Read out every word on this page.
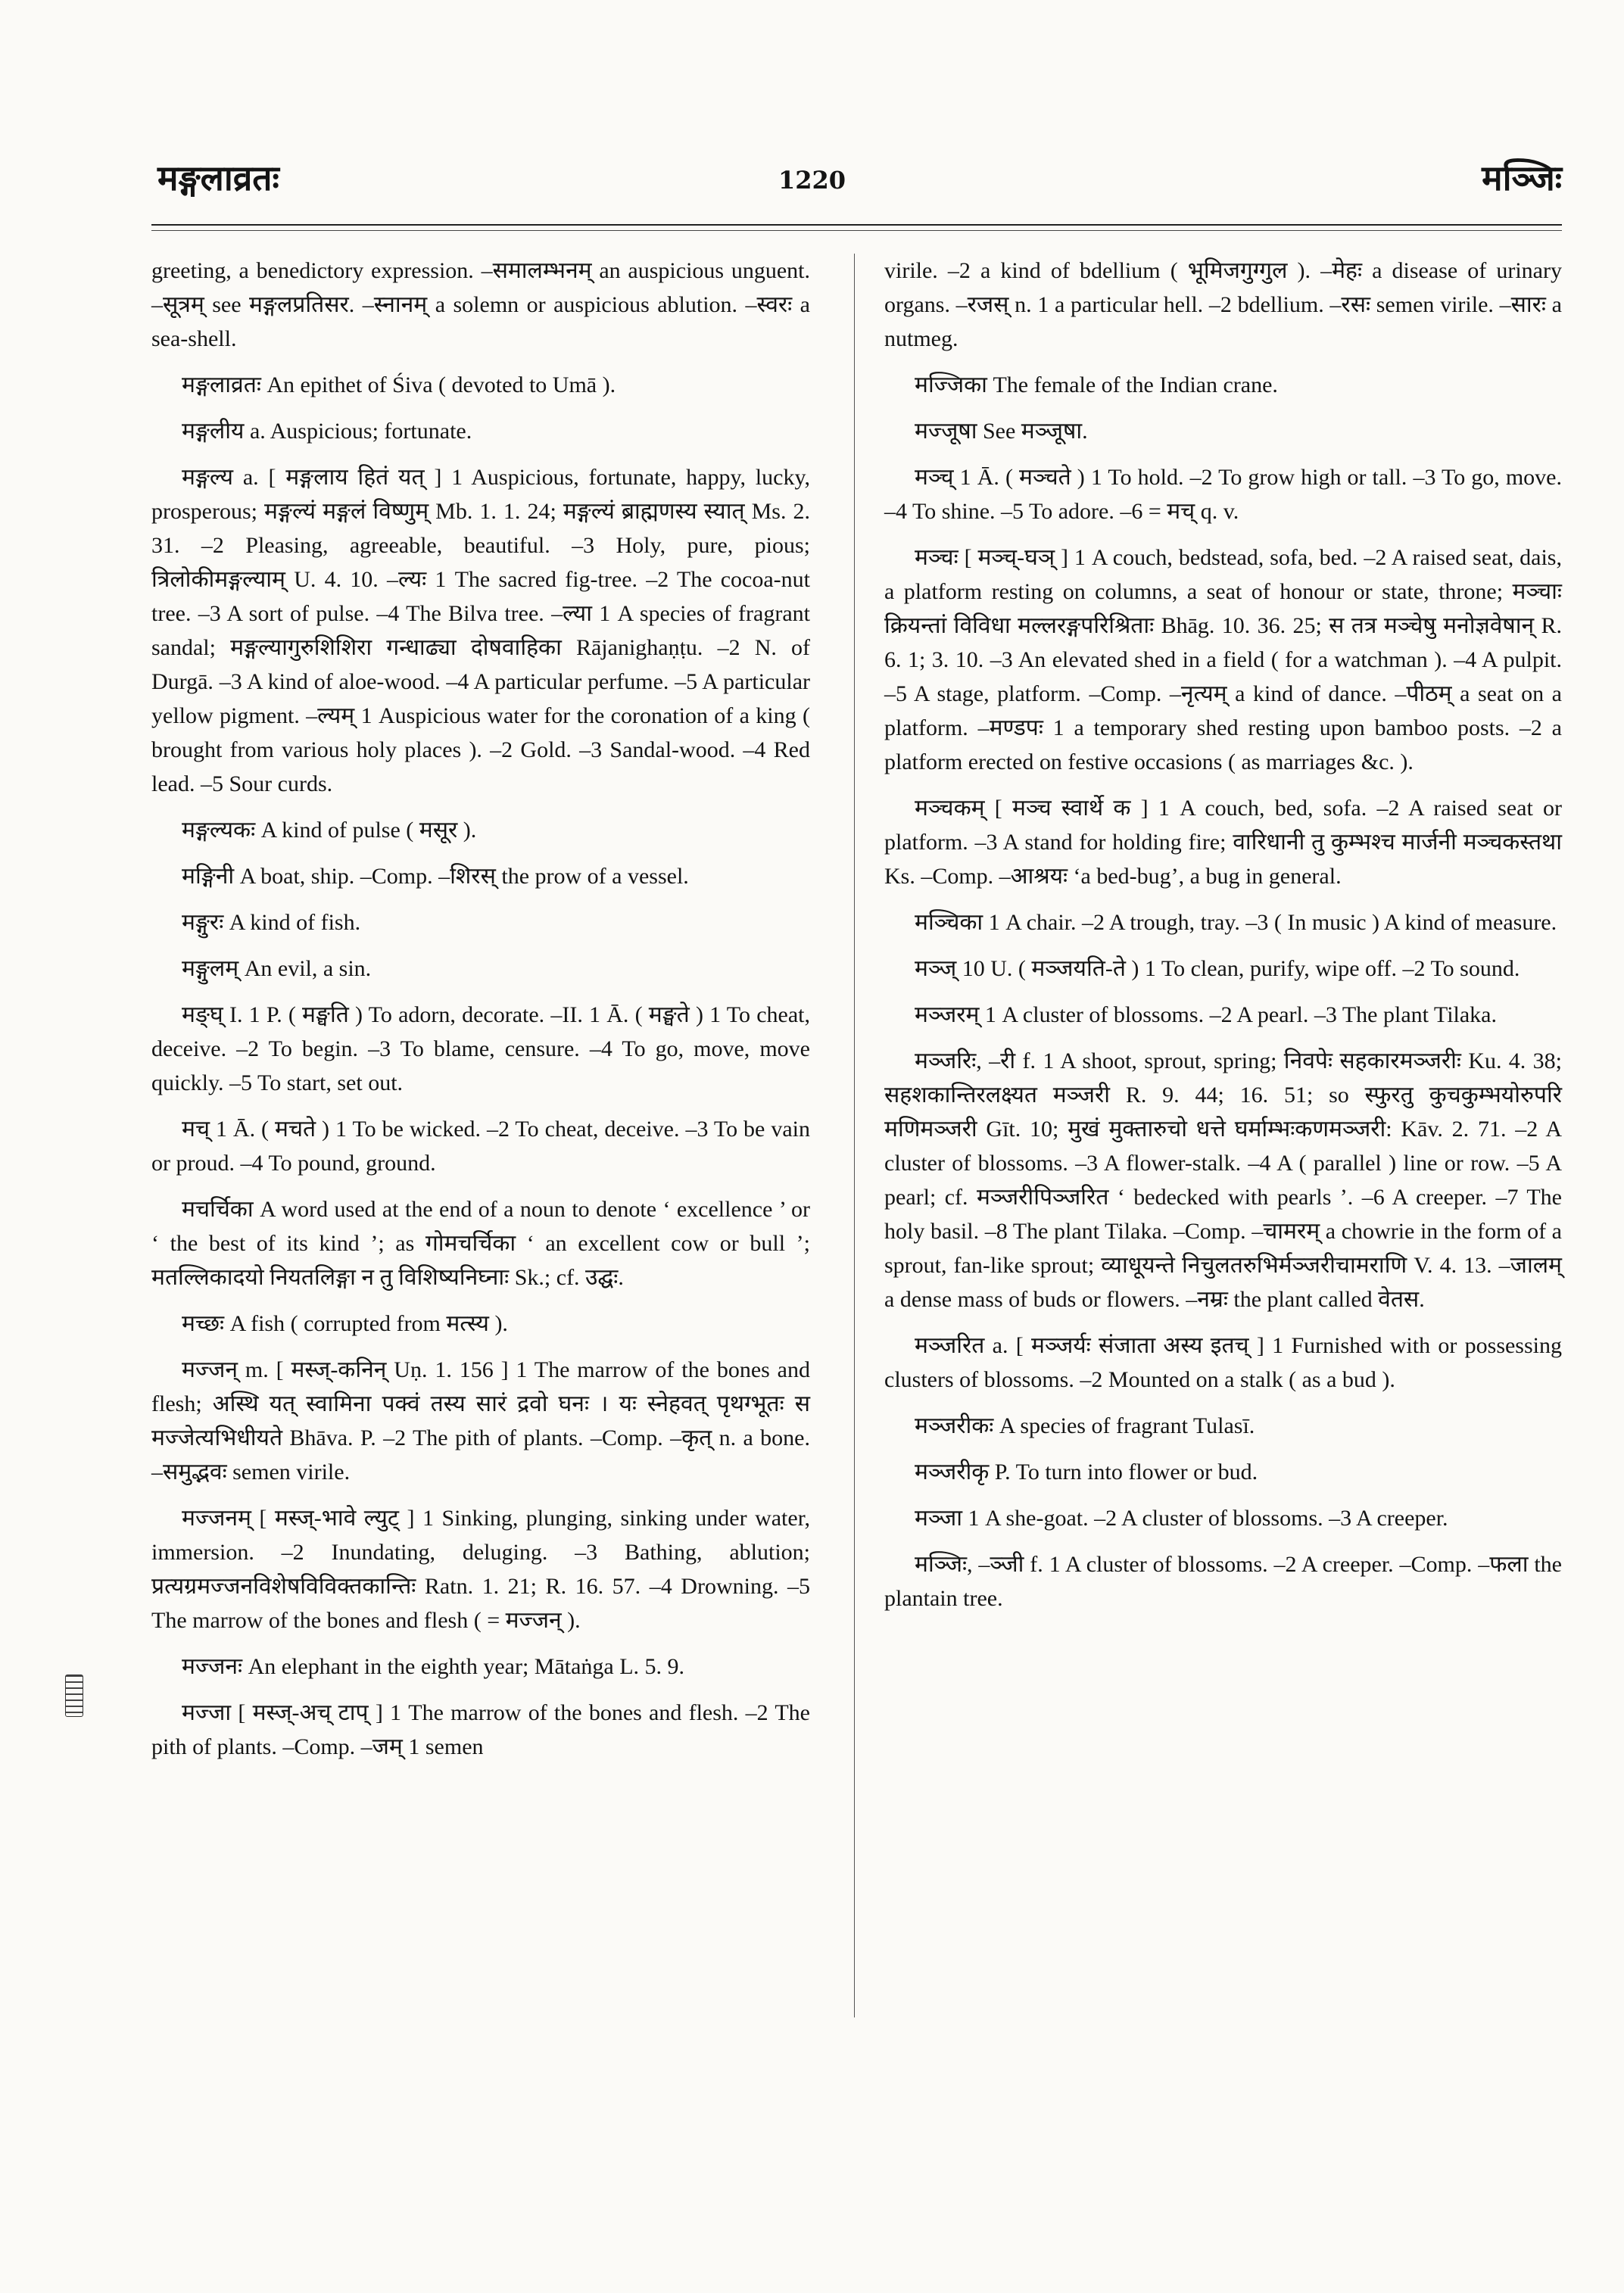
मङ्गलाव्रतः	1220	मञ्जिः

greeting, a benedictory expression. –समालम्भनम् an auspicious unguent. –सूत्रम् see मङ्गलप्रतिसर. –स्नानम् a solemn or auspicious ablution. –स्वरः a sea-shell.

मङ्गलाव्रतः An epithet of Śiva ( devoted to Umā ).

मङ्गलीय a. Auspicious; fortunate.

मङ्गल्य a. [ मङ्गलाय हितं यत् ] 1 Auspicious, fortunate, happy, lucky, prosperous; मङ्गल्यं मङ्गलं विष्णुम् Mb. 1. 1. 24; मङ्गल्यं ब्राह्मणस्य स्यात् Ms. 2. 31. –2 Pleasing, agreeable, beautiful. –3 Holy, pure, pious; त्रिलोकीमङ्गल्याम् U. 4. 10. –ल्यः 1 The sacred fig-tree. –2 The cocoa-nut tree. –3 A sort of pulse. –4 The Bilva tree. –ल्या 1 A species of fragrant sandal; मङ्गल्यागुरुशिशिरा गन्धाढ्या दोषवाहिका Rājanighaṇṭu. –2 N. of Durgā. –3 A kind of aloe-wood. –4 A particular perfume. –5 A particular yellow pigment. –ल्यम् 1 Auspicious water for the coronation of a king ( brought from various holy places ). –2 Gold. –3 Sandal-wood. –4 Red lead. –5 Sour curds.

मङ्गल्यकः A kind of pulse ( मसूर ).

मङ्गिनी A boat, ship. –Comp. –शिरस् the prow of a vessel.

मङ्गुरः A kind of fish.

मङ्गुलम् An evil, a sin.

मङ्घ् I. 1 P. ( मङ्घति ) To adorn, decorate. –II. 1 Ā. ( मङ्घते ) 1 To cheat, deceive. –2 To begin. –3 To blame, censure. –4 To go, move, move quickly. –5 To start, set out.

मच् 1 Ā. ( मचते ) 1 To be wicked. –2 To cheat, deceive. –3 To be vain or proud. –4 To pound, ground.

मचर्चिका A word used at the end of a noun to denote ‘ excellence ’ or ‘ the best of its kind ’; as गोमचर्चिका ‘ an excellent cow or bull ’; मतल्लिकादयो नियतलिङ्गा न तु विशिष्यनिघ्नाः Sk.; cf. उद्घः.

मच्छः A fish ( corrupted from मत्स्य ).

मज्जन् m. [ मस्ज्-कनिन् Uṇ. 1. 156 ] 1 The marrow of the bones and flesh; अस्थि यत् स्वामिना पक्वं तस्य सारं द्रवो घनः । यः स्नेहवत् पृथग्भूतः स मज्जेत्यभिधीयते Bhāva. P. –2 The pith of plants. –Comp. –कृत् n. a bone. –समुद्भवः semen virile.

मज्जनम् [ मस्ज्-भावे ल्युट् ] 1 Sinking, plunging, sinking under water, immersion. –2 Inundating, deluging. –3 Bathing, ablution; प्रत्यग्रमज्जनविशेषविविक्तकान्तिः Ratn. 1. 21; R. 16. 57. –4 Drowning. –5 The marrow of the bones and flesh ( = मज्जन् ).

मज्जनः An elephant in the eighth year; Mātaṅga L. 5. 9.

मज्जा [ मस्ज्-अच् टाप् ] 1 The marrow of the bones and flesh. –2 The pith of plants. –Comp. –जम् 1 semen

virile. –2 a kind of bdellium ( भूमिजगुग्गुल ). –मेहः a disease of urinary organs. –रजस् n. 1 a particular hell. –2 bdellium. –रसः semen virile. –सारः a nutmeg.

मज्जिका The female of the Indian crane.

मज्जूषा See मञ्जूषा.

मञ्च् 1 Ā. ( मञ्चते ) 1 To hold. –2 To grow high or tall. –3 To go, move. –4 To shine. –5 To adore. –6 = मच् q. v.

मञ्चः [ मञ्च्-घञ् ] 1 A couch, bedstead, sofa, bed. –2 A raised seat, dais, a platform resting on columns, a seat of honour or state, throne; मञ्चाः क्रियन्तां विविधा मल्लरङ्गपरिश्रिताः Bhāg. 10. 36. 25; स तत्र मञ्चेषु मनोज्ञवेषान् R. 6. 1; 3. 10. –3 An elevated shed in a field ( for a watchman ). –4 A pulpit. –5 A stage, platform. –Comp. –नृत्यम् a kind of dance. –पीठम् a seat on a platform. –मण्डपः 1 a temporary shed resting upon bamboo posts. –2 a platform erected on festive occasions ( as marriages &c. ).

मञ्चकम् [ मञ्च स्वार्थे क ] 1 A couch, bed, sofa. –2 A raised seat or platform. –3 A stand for holding fire; वारिधानी तु कुम्भश्च मार्जनी मञ्चकस्तथा Ks. –Comp. –आश्रयः ‘a bed-bug’, a bug in general.

मञ्चिका 1 A chair. –2 A trough, tray. –3 ( In music ) A kind of measure.

मञ्ज् 10 U. ( मञ्जयति-ते ) 1 To clean, purify, wipe off. –2 To sound.

मञ्जरम् 1 A cluster of blossoms. –2 A pearl. –3 The plant Tilaka.

मञ्जरिः, –री f. 1 A shoot, sprout, spring; निवपेः सहकारमञ्जरीः Ku. 4. 38; सहशकान्तिरलक्ष्यत मञ्जरी R. 9. 44; 16. 51; so स्फुरतु कुचकुम्भयोरुपरि मणिमञ्जरी Gīt. 10; मुखं मुक्तारुचो धत्ते घर्माम्भःकणमञ्जरी: Kāv. 2. 71. –2 A cluster of blossoms. –3 A flower-stalk. –4 A ( parallel ) line or row. –5 A pearl; cf. मञ्जरीपिञ्जरित ‘ bedecked with pearls ’. –6 A creeper. –7 The holy basil. –8 The plant Tilaka. –Comp. –चामरम् a chowrie in the form of a sprout, fan-like sprout; व्याधूयन्ते निचुलतरुभिर्मञ्जरीचामराणि V. 4. 13. –जालम् a dense mass of buds or flowers. –नम्रः the plant called वेतस.

मञ्जरित a. [ मञ्जर्यः संजाता अस्य इतच् ] 1 Furnished with or possessing clusters of blossoms. –2 Mounted on a stalk ( as a bud ).

मञ्जरीकः A species of fragrant Tulasī.

मञ्जरीकृ P. To turn into flower or bud.

मञ्जा 1 A she-goat. –2 A cluster of blossoms. –3 A creeper.

मञ्जिः, –ञ्जी f. 1 A cluster of blossoms. –2 A creeper. –Comp. –फला the plantain tree.
